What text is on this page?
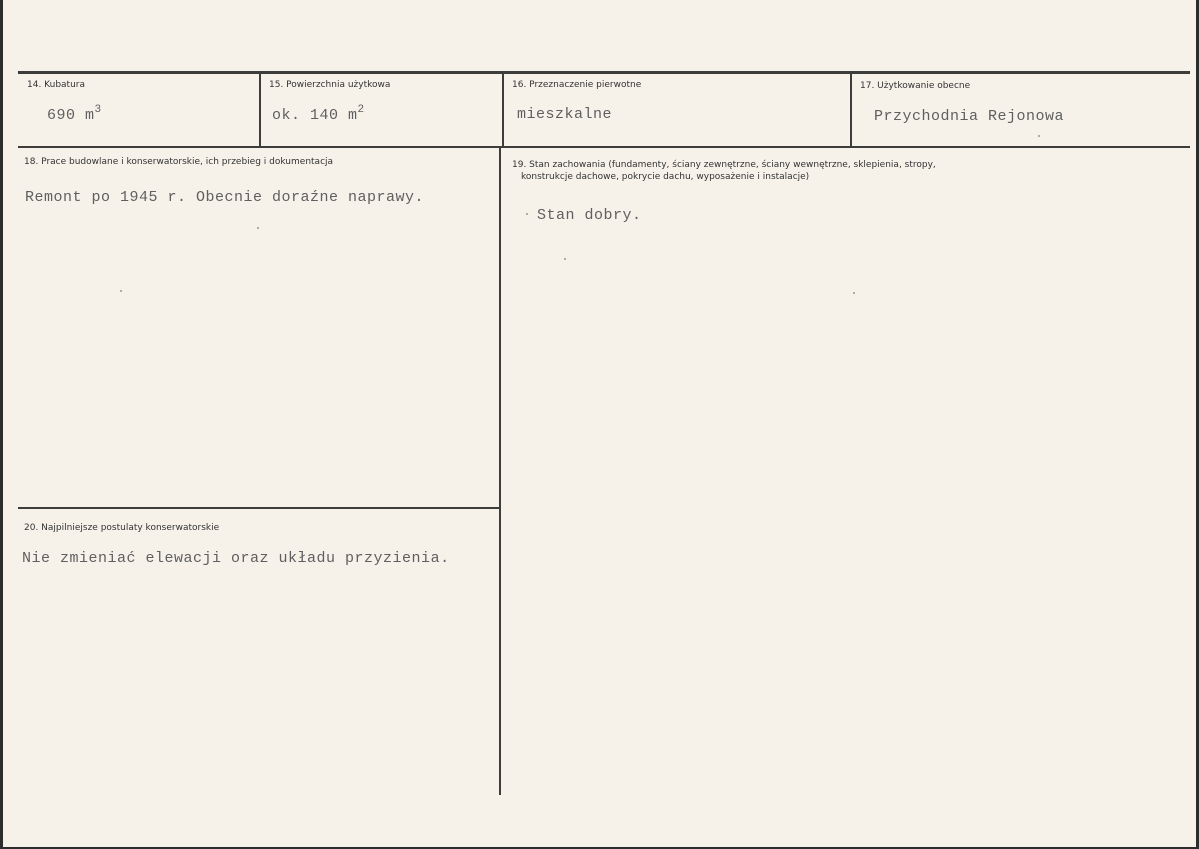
14. Kubatura
690 $m^3$
15. Powierzchnia użytkowa
ok. 140 $m^2$
16. Przeznaczenie pierwotne
mieszkalne
17. Użytkowanie obecne
Przychodnia Rejonowa
18. Prace budowlane i konserwatorskie, ich przebieg i dokumentacja
Remont po 1945 r. Obecnie doraźne naprawy.
19. Stan zachowania (fundamenty, ściany zewnętrzne, ściany wewnętrzne, sklepienia, stropy,
konstrukcje dachowe, pokrycie dachu, wyposażenie i instalacje)
Stan dobry.
20. Najpilniejsze postulaty konserwatorskie
Nie zmieniać elewacji oraz układu przyzienia.
